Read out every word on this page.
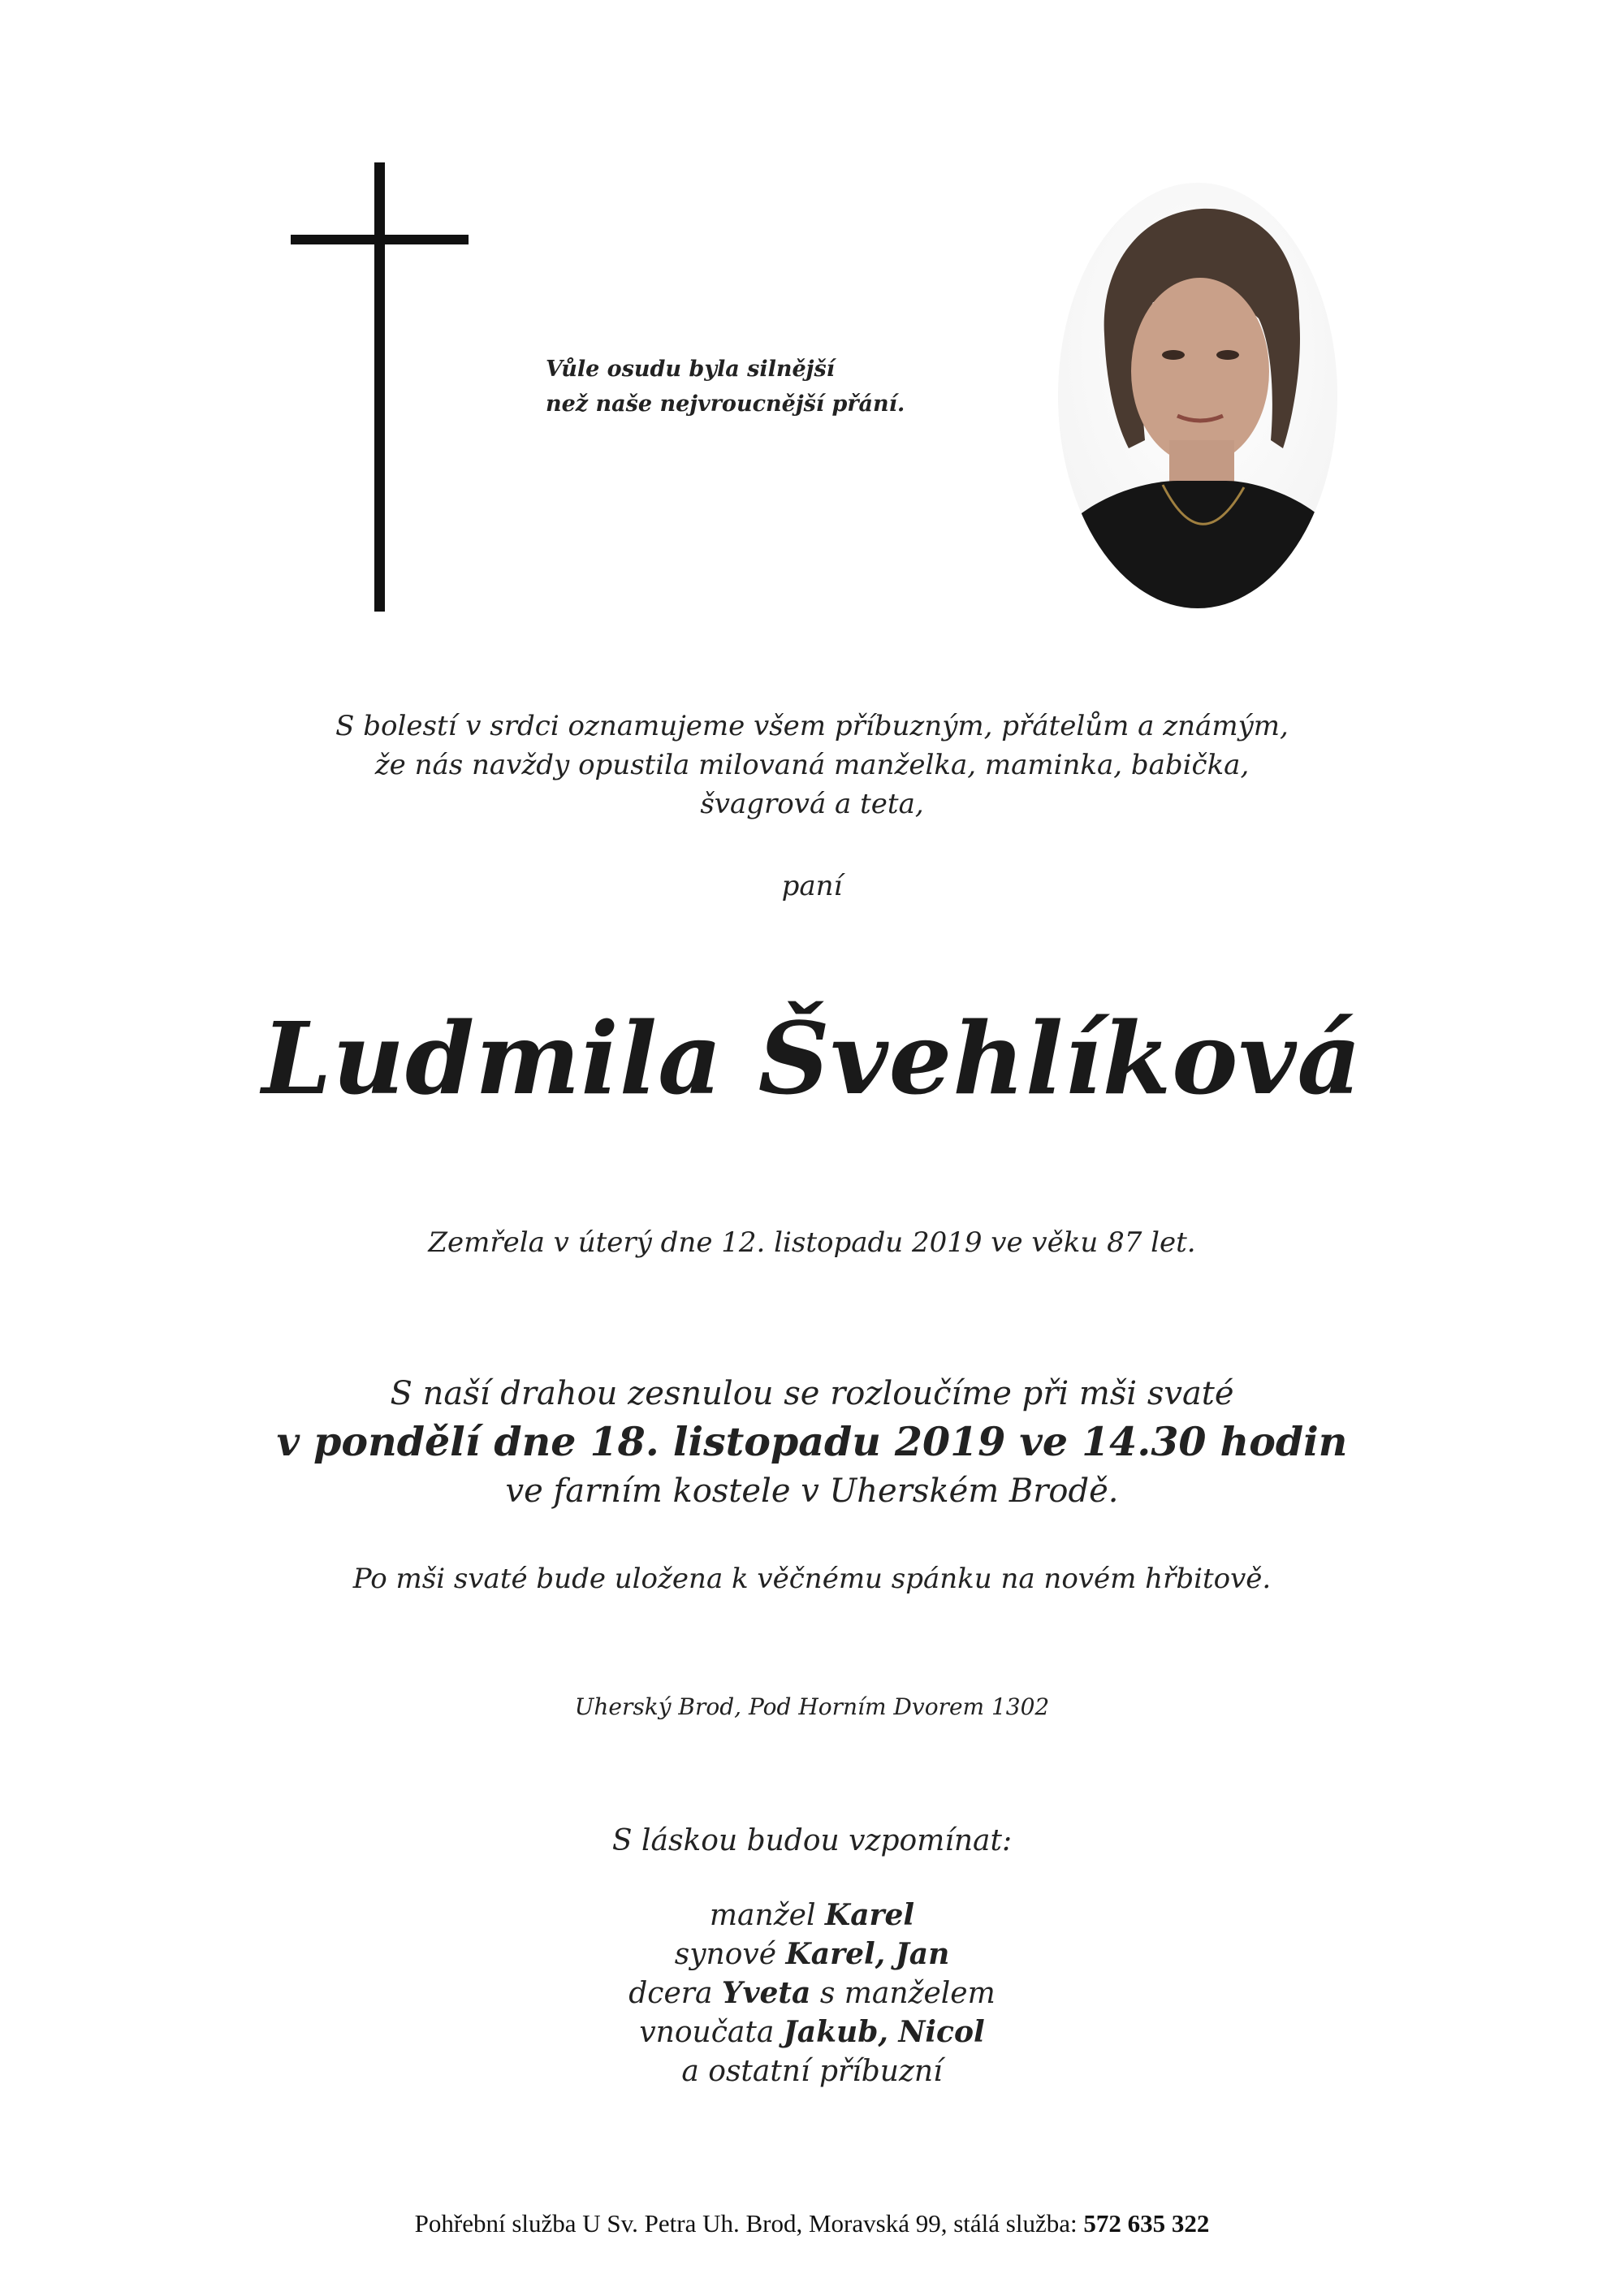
Vůle osudu byla silnější
než naše nejvroucnější přání.
S bolestí v srdci oznamujeme všem příbuzným, přátelům a známým,
že nás navždy opustila milovaná manželka, maminka, babička,
švagrová a teta,
paní
Ludmila Švehlíková
Zemřela v úterý dne 12. listopadu 2019 ve věku 87 let.
S naší drahou zesnulou se rozloučíme při mši svaté
v pondělí dne 18. listopadu 2019 ve 14.30 hodin
ve farním kostele v Uherském Brodě.
Po mši svaté bude uložena k věčnému spánku na novém hřbitově.
Uherský Brod, Pod Horním Dvorem 1302
S láskou budou vzpomínat:
manžel Karel
synové Karel, Jan
dcera Yveta s manželem
vnoučata Jakub, Nicol
a ostatní příbuzní
Pohřební služba U Sv. Petra Uh. Brod, Moravská 99, stálá služba: 572 635 322
